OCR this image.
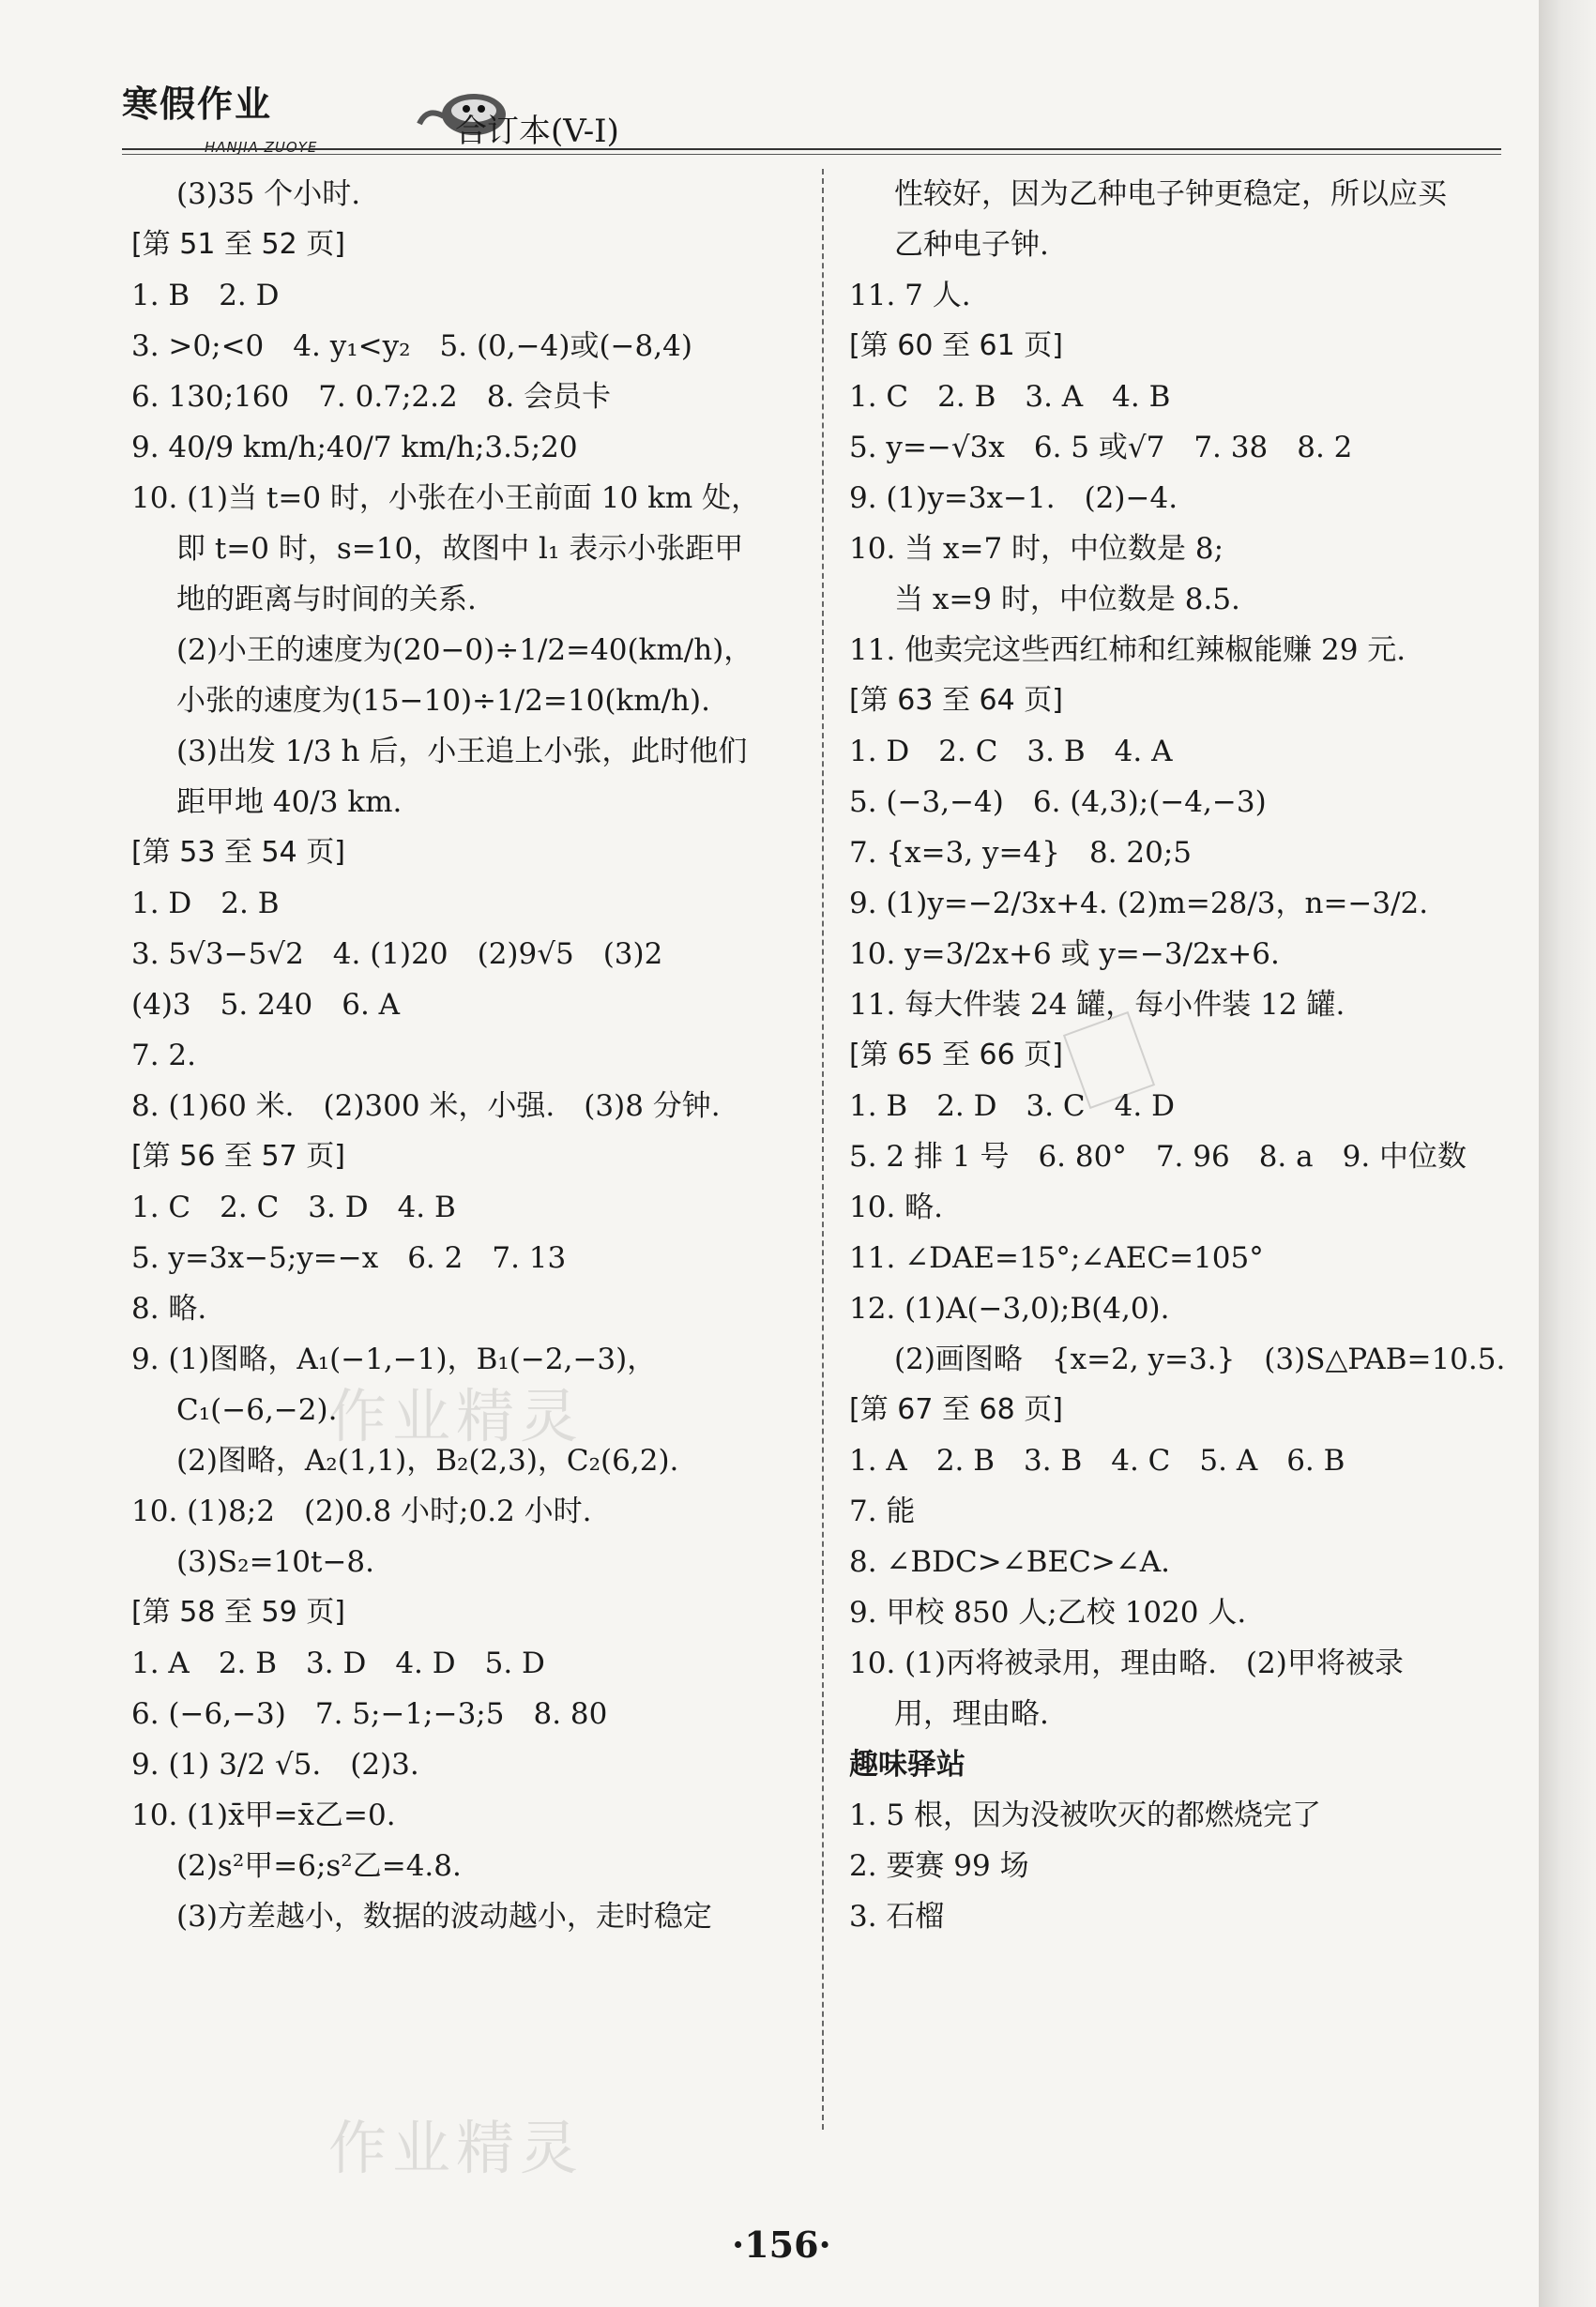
寒假作业
HANJIA ZUOYE	合订本(V-I)
(3)35 个小时.
[第 51 至 52 页]
1. B　2. D
3. >0;<0　4. y₁<y₂　5. (0,−4)或(−8,4)
6. 130;160　7. 0.7;2.2　8. 会员卡
9. 40/9 km/h;40/7 km/h;3.5;20
10. (1)当 t=0 时，小张在小王前面 10 km 处，
即 t=0 时，s=10，故图中 l₁ 表示小张距甲
地的距离与时间的关系.
(2)小王的速度为(20−0)÷1/2=40(km/h)，
小张的速度为(15−10)÷1/2=10(km/h).
(3)出发 1/3 h 后，小王追上小张，此时他们
距甲地 40/3 km.
[第 53 至 54 页]
1. D　2. B
3. 5√3−5√2　4. (1)20　(2)9√5　(3)2
(4)3　5. 240　6. A
7. 2.
8. (1)60 米.　(2)300 米，小强.　(3)8 分钟.
[第 56 至 57 页]
1. C　2. C　3. D　4. B
5. y=3x−5;y=−x　6. 2　7. 13
8. 略.
9. (1)图略，A₁(−1,−1)，B₁(−2,−3)，
C₁(−6,−2).
(2)图略，A₂(1,1)，B₂(2,3)，C₂(6,2).
10. (1)8;2　(2)0.8 小时;0.2 小时.
(3)S₂=10t−8.
[第 58 至 59 页]
1. A　2. B　3. D　4. D　5. D
6. (−6,−3)　7. 5;−1;−3;5　8. 80
9. (1) 3/2 √5.　(2)3.
10. (1)x̄甲=x̄乙=0.
(2)s²甲=6;s²乙=4.8.
(3)方差越小，数据的波动越小，走时稳定
性较好，因为乙种电子钟更稳定，所以应买
乙种电子钟.
11. 7 人.
[第 60 至 61 页]
1. C　2. B　3. A　4. B
5. y=−√3x　6. 5 或√7　7. 38　8. 2
9. (1)y=3x−1.　(2)−4.
10. 当 x=7 时，中位数是 8;
当 x=9 时，中位数是 8.5.
11. 他卖完这些西红柿和红辣椒能赚 29 元.
[第 63 至 64 页]
1. D　2. C　3. B　4. A
5. (−3,−4)　6. (4,3);(−4,−3)
7. {x=3, y=4}　8. 20;5
9. (1)y=−2/3x+4. (2)m=28/3，n=−3/2.
10. y=3/2x+6 或 y=−3/2x+6.
11. 每大件装 24 罐，每小件装 12 罐.
[第 65 至 66 页]
1. B　2. D　3. C　4. D
5. 2 排 1 号　6. 80°　7. 96　8. a　9. 中位数
10. 略.
11. ∠DAE=15°;∠AEC=105°
12. (1)A(−3,0);B(4,0).
(2)画图略　{x=2, y=3.}　(3)S△PAB=10.5.
[第 67 至 68 页]
1. A　2. B　3. B　4. C　5. A　6. B
7. 能
8. ∠BDC>∠BEC>∠A.
9. 甲校 850 人;乙校 1020 人.
10. (1)丙将被录用，理由略.　(2)甲将被录
用，理由略.
趣味驿站
1. 5 根，因为没被吹灭的都燃烧完了
2. 要赛 99 场
3. 石榴
作业精灵
作业精灵
·156·
